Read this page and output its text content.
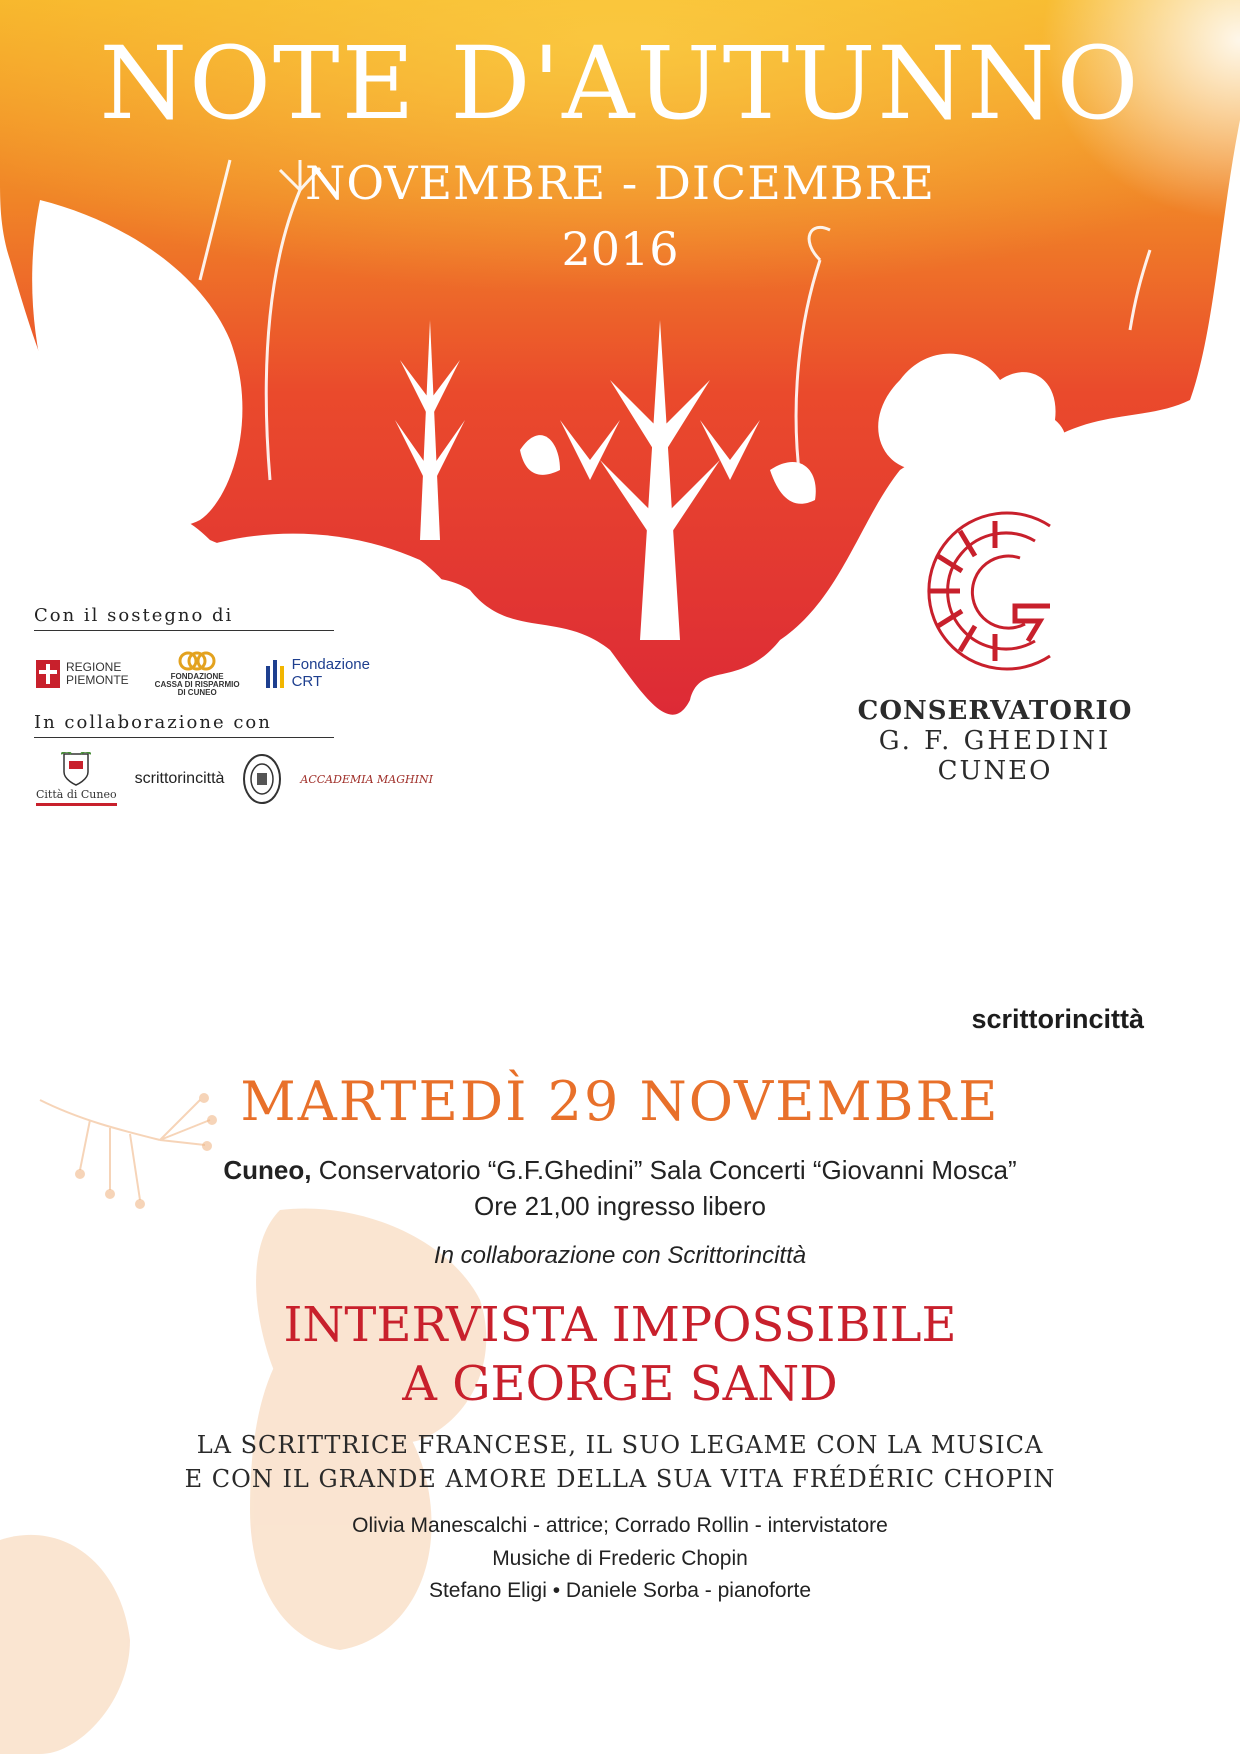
NOTE D'AUTUNNO
NOVEMBRE - DICEMBRE
2016
CONSERVATORIO
G. F. GHEDINI
CUNEO
Con il sostegno di
REGIONE
PIEMONTE	FONDAZIONE
CASSA DI RISPARMIO
DI CUNEO
Fondazione
CRT
In collaborazione con
Città di Cuneo
scrittorincittà	ACCADEMIA MAGHINI
scrittorincittà
MARTEDÌ 29 NOVEMBRE
Cuneo, Conservatorio “G.F.Ghedini” Sala Concerti “Giovanni Mosca”
Ore 21,00 ingresso libero
In collaborazione con Scrittorincittà
INTERVISTA IMPOSSIBILE
A GEORGE SAND
LA SCRITTRICE FRANCESE, IL SUO LEGAME CON LA MUSICA
E CON IL GRANDE AMORE DELLA SUA VITA FRÉDÉRIC CHOPIN
Olivia Manescalchi - attrice; Corrado Rollin - intervistatore
Musiche di Frederic Chopin
Stefano Eligi • Daniele Sorba - pianoforte
